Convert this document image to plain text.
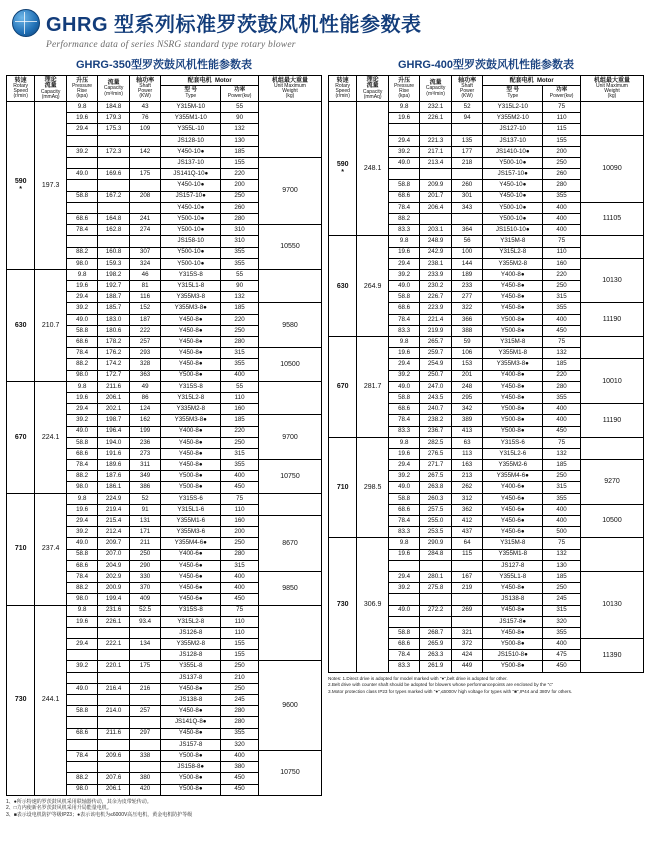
GHRG 型系列标准罗茨鼓风机性能参数表
Performance data of series NSRG standard type rotary blower
GHRG-350型罗茨鼓风机性能参数表
转速
Rotary
Speed
(r/min)	理论
流量
Capacity
(mmAq)	升压
Pressure
Rise
(kpa)	流量
Capacity
(m³/min)	轴功率
Shaft
Power
(KW)	配套电机  Motor		机组最大重量
Unit Maximum
Weight
(kg)

					型 号
Type	功率
Power(kw)	

590
*	197.3	9.8	184.8	43	Y315M-10	55	
		19.6	179.3	76	Y355M1-10	90	
		29.4	175.3	109	Y355L-10	132	
					JS128-10	130	
		39.2	172.3	142	Y450-10●	185	
					JS137-10	155	9700
		49.0	169.6	175	JS141Q-10●	220	
					Y450-10●	200	
		58.8	167.2	208	JS157-10●	250	
					Y450-10●	260	
		68.6	164.8	241	Y500-10●	280	
		78.4	162.8	274	Y500-10●	310	10550
					JS158-10	310	
		88.2	160.8	307	Y500-10●	355	
		98.0	159.3	324	Y500-10●	355	
630	210.7	9.8	198.2	46	Y315S-8	55	
		19.6	192.7	81	Y315L1-8	90	
		29.4	188.7	116	Y355M3-8	132	
		39.2	185.7	152	Y355M3-8●	185	9580
		49.0	183.0	187	Y450-8●	220	
		58.8	180.6	222	Y450-8●	250	
		68.6	178.2	257	Y450-8●	280	
		78.4	176.2	293	Y450-8●	315	10500
		88.2	174.2	328	Y450-8●	355	
		98.0	172.7	363	Y500-8●	400	
670	224.1	9.8	211.6	49	Y315S-8	55	
		19.6	206.1	86	Y315L2-8	110	
		29.4	202.1	124	Y335M2-8	160	
		39.2	198.7	162	Y355M3-8●	185	9700
		49.0	196.4	199	Y400-8●	220	
		58.8	194.0	236	Y450-8●	250	
		68.6	191.6	273	Y450-8●	315	
		78.4	189.6	311	Y450-8●	355	10750
		88.2	187.6	349	Y500-8●	400	
		98.0	186.1	386	Y500-8●	450	
710	237.4	9.8	224.9	52	Y315S-6	75	
		19.6	219.4	91	Y315L1-6	110	
		29.4	215.4	131	Y355M1-6	160	8670
		39.2	212.4	171	Y355M3-6	200	
		49.0	209.7	211	Y355M4-6●	250	
		58.8	207.0	250	Y400-6●	280	
		68.6	204.9	290	Y450-6●	315	
		78.4	202.9	330	Y450-6●	400	9850
		88.2	200.9	370	Y450-6●	400	
		98.0	199.4	409	Y450-6●	450	
730	244.1	9.8	231.6	52.5	Y315S-8	75	
		19.6	226.1	93.4	Y315L2-8	110	
					JS126-8	110	
		29.4	222.1	134	Y355M2-8	155	
					JS128-8	155	
		39.2	220.1	175	Y355L-8	250	9600
					JS137-8	210	
		49.0	216.4	216	Y450-8●	250	
					JS138-8	245	
		58.8	214.0	257	Y450-8●	280	
					JS141Q-8●	280	
		68.6	211.6	297	Y450-8●	355	
					JS157-8	320	
		78.4	209.6	338	Y500-8●	400	10750
					JS158-8●	380	
		88.2	207.6	380	Y500-8●	450	
		98.0	206.1	420	Y500-8●	450	
1、●所示特速的罗茨鼓风机采用联轴器传动，其余为皮带轮传动。
2、□力内使新名罗茨鼓风机采用升局能量电机。
3、■表示设电机防护等级IP23；●表示该电机为≤6000V高压电机，黄金电机防护等级
GHRG-400型罗茨鼓风机性能参数表
转速
Rotary
Speed
(r/min)	理论
流量
Capacity
(mmAq)	升压
Pressure
Rise
(kpa)	流量
Capacity
(m³/min)	轴功率
Shaft
Power
(KW)	配套电机  Motor		机组最大重量
Unit Maximum
Weight
(kg)

					型 号
Type	功率
Power(kw)	

590
*	248.1	9.8	232.1	52	Y315L2-10	75	
		19.6	226.1	94	Y355M2-10	110	
					JS127-10	115	
		29.4	221.3	135	JS137-10	155	10090
		39.2	217.1	177	JS1410-10●	200	
		49.0	213.4	218	Y500-10●	250	
					JS157-10●	260	
		58.8	209.9	260	Y450-10●	280	
		68.6	201.7	301	Y450-10●	355	
		78.4	206.4	343	Y500-10●	400	11105
		88.2			Y500-10●	400	
		83.3	203.1	364	JS1510-10●	400	
630	264.9	9.8	248.9	56	Y315M-8	75	
		19.6	242.9	100	Y315L2-8	110	
		29.4	238.1	144	Y355M2-8	160	10130
		39.2	233.9	189	Y400-8●	220	
		49.0	230.2	233	Y450-8●	250	
		58.8	226.7	277	Y450-8●	315	
		68.6	223.9	322	Y450-8●	355	11190
		78.4	221.4	366	Y500-8●	400	
		83.3	219.9	388	Y500-8●	450	
670	281.7	9.8	265.7	59	Y315M-8	75	
		19.6	259.7	106	Y355M1-8	132	
		29.4	254.9	153	Y355M3-8●	185	10010
		39.2	250.7	201	Y400-8●	220	
		49.0	247.0	248	Y450-8●	280	
		58.8	243.5	295	Y450-8●	355	
		68.6	240.7	342	Y500-8●	400	11190
		78.4	238.2	389	Y500-8●	400	
		83.3	236.7	413	Y500-8●	450	
710	298.5	9.8	282.5	63	Y315S-6	75	
		19.6	276.5	113	Y315L2-6	132	
		29.4	271.7	163	Y355M2-6	185	9270
		39.2	267.5	213	Y355M4-6●	250	
		49.0	263.8	262	Y400-6●	315	
		58.8	260.3	312	Y450-6●	355	
		68.6	257.5	362	Y450-6●	400	10500
		78.4	255.0	412	Y450-6●	400	
		83.3	253.5	437	Y450-6●	500	
730	306.9	9.8	290.9	64	Y315M-8	75	
		19.6	284.8	115	Y355M1-8	132	
					JS127-8	130	
		29.4	280.1	167	Y355L1-8	185	10130
		39.2	275.8	219	Y450-8●	250	
					JS138-8	245	
		49.0	272.2	269	Y450-8●	315	
					JS157-8●	320	
		58.8	268.7	321	Y450-8●	355	
		68.6	265.9	372	Y500-8●	400	11390
		78.4	263.3	424	JS1510-8●	475	
		83.3	261.9	449	Y500-8●	450	
Notes: 1.Direct drive is adopted for model marked with "●",belt drive is adopted for other.
2.Belt drive with counter shaft should be adopted for blowers whose performancepoints are enclosed by the "c"
3.Motor protection class IP23 for types marked with "●",≤6000V high voltage for types with "■",IP44 and 380V for others.
